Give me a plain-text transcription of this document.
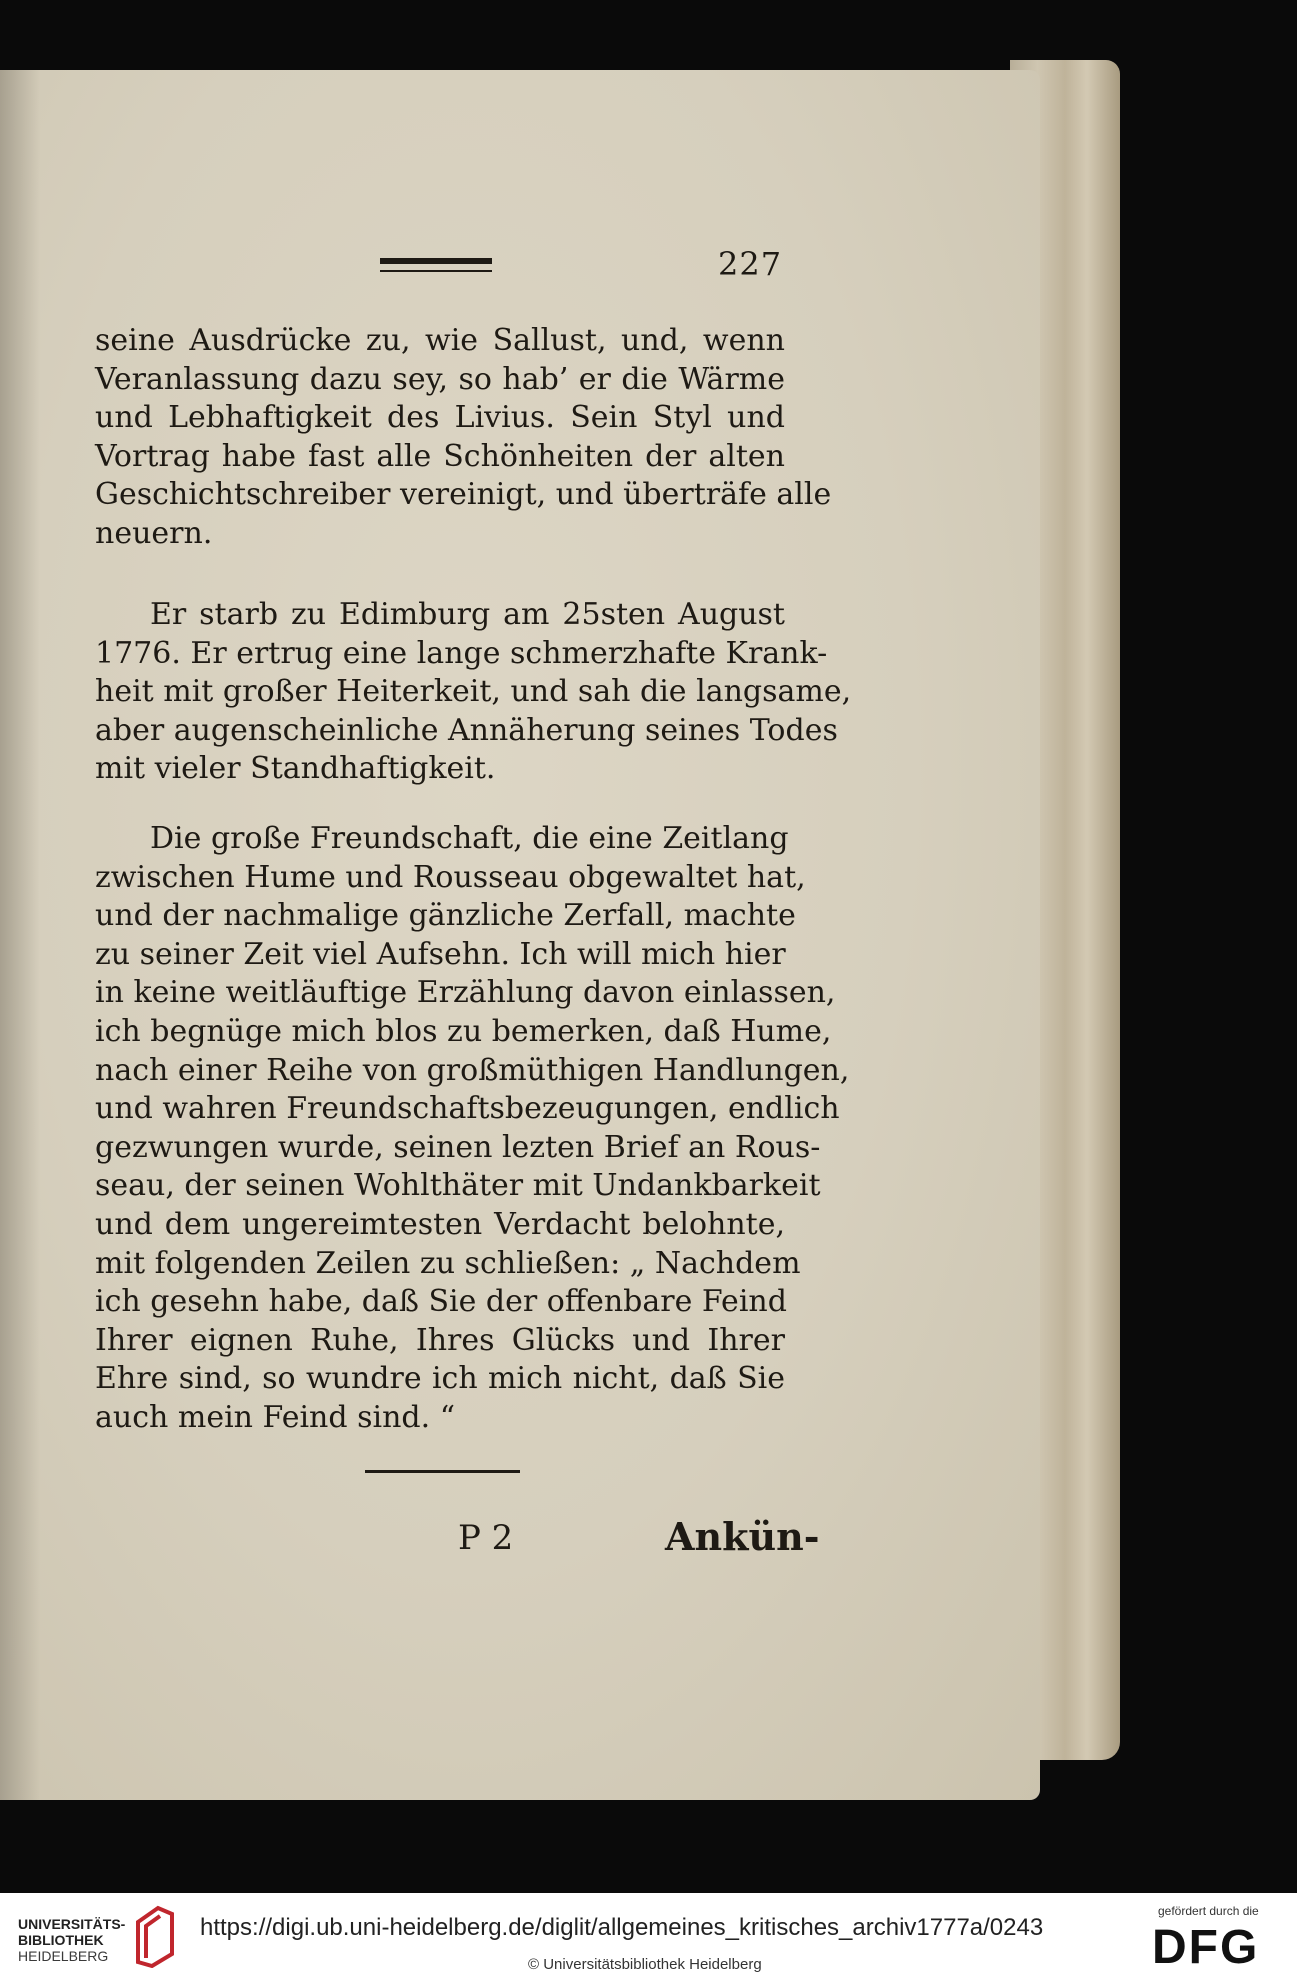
227
seine Ausdrücke zu, wie Sallust, und, wenn
Veranlassung dazu sey, so hab’ er die Wärme
und Lebhaftigkeit des Livius. Sein Styl und
Vortrag habe fast alle Schönheiten der alten
Geschichtschreiber vereinigt, und überträfe alle
neuern.
Er starb zu Edimburg am 25sten August
1776. Er ertrug eine lange schmerzhafte Krank-
heit mit großer Heiterkeit, und sah die langsame,
aber augenscheinliche Annäherung seines Todes
mit vieler Standhaftigkeit.
Die große Freundschaft, die eine Zeitlang
zwischen Hume und Rousseau obgewaltet hat,
und der nachmalige gänzliche Zerfall, machte
zu seiner Zeit viel Aufsehn. Ich will mich hier
in keine weitläuftige Erzählung davon einlassen,
ich begnüge mich blos zu bemerken, daß Hume,
nach einer Reihe von großmüthigen Handlungen,
und wahren Freundschaftsbezeugungen, endlich
gezwungen wurde, seinen lezten Brief an Rous-
seau, der seinen Wohlthäter mit Undankbarkeit
und dem ungereimtesten Verdacht belohnte,
mit folgenden Zeilen zu schließen: „ Nachdem
ich gesehn habe, daß Sie der offenbare Feind
Ihrer eignen Ruhe, Ihres Glücks und Ihrer
Ehre sind, so wundre ich mich nicht, daß Sie
auch mein Feind sind. “
P 2	Ankün-
UNIVERSITÄTS-
BIBLIOTHEK
HEIDELBERG
https://digi.ub.uni-heidelberg.de/diglit/allgemeines_kritisches_archiv1777a/0243
© Universitätsbibliothek Heidelberg
gefördert durch die
DFG
